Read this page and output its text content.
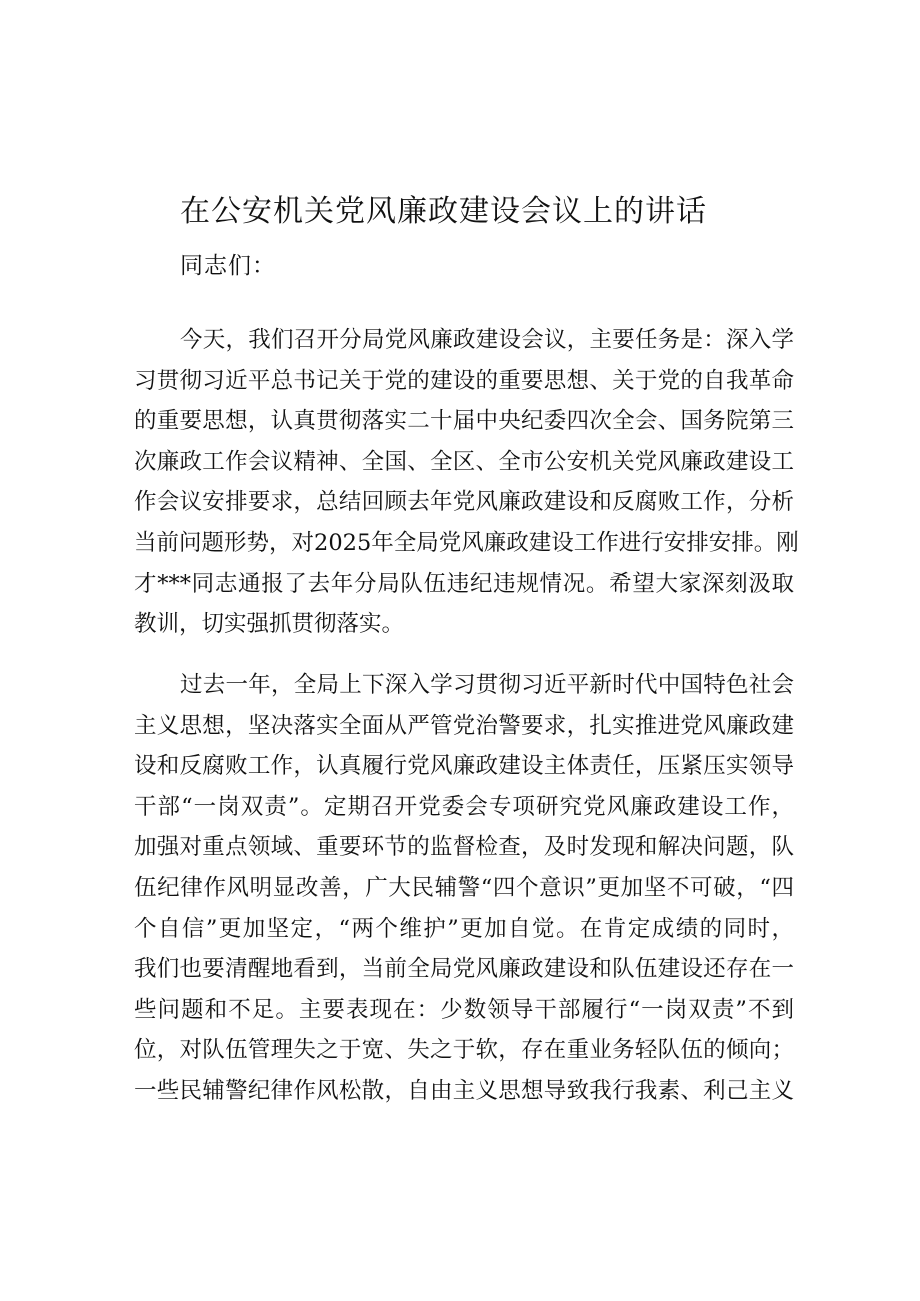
在公安机关党风廉政建设会议上的讲话
同志们：
今天，我们召开分局党风廉政建设会议，主要任务是：深入学
习贯彻习近平总书记关于党的建设的重要思想、关于党的自我革命
的重要思想，认真贯彻落实二十届中央纪委四次全会、国务院第三
次廉政工作会议精神、全国、全区、全市公安机关党风廉政建设工
作会议安排要求，总结回顾去年党风廉政建设和反腐败工作，分析
当前问题形势，对2025年全局党风廉政建设工作进行安排安排。刚
才***同志通报了去年分局队伍违纪违规情况。希望大家深刻汲取
教训，切实强抓贯彻落实。
过去一年，全局上下深入学习贯彻习近平新时代中国特色社会
主义思想，坚决落实全面从严管党治警要求，扎实推进党风廉政建
设和反腐败工作，认真履行党风廉政建设主体责任，压紧压实领导
干部“一岗双责”。定期召开党委会专项研究党风廉政建设工作，
加强对重点领域、重要环节的监督检查，及时发现和解决问题，队
伍纪律作风明显改善，广大民辅警“四个意识”更加坚不可破，“四
个自信”更加坚定，“两个维护”更加自觉。在肯定成绩的同时，
我们也要清醒地看到，当前全局党风廉政建设和队伍建设还存在一
些问题和不足。主要表现在：少数领导干部履行“一岗双责”不到
位，对队伍管理失之于宽、失之于软，存在重业务轻队伍的倾向；
一些民辅警纪律作风松散，自由主义思想导致我行我素、利己主义
